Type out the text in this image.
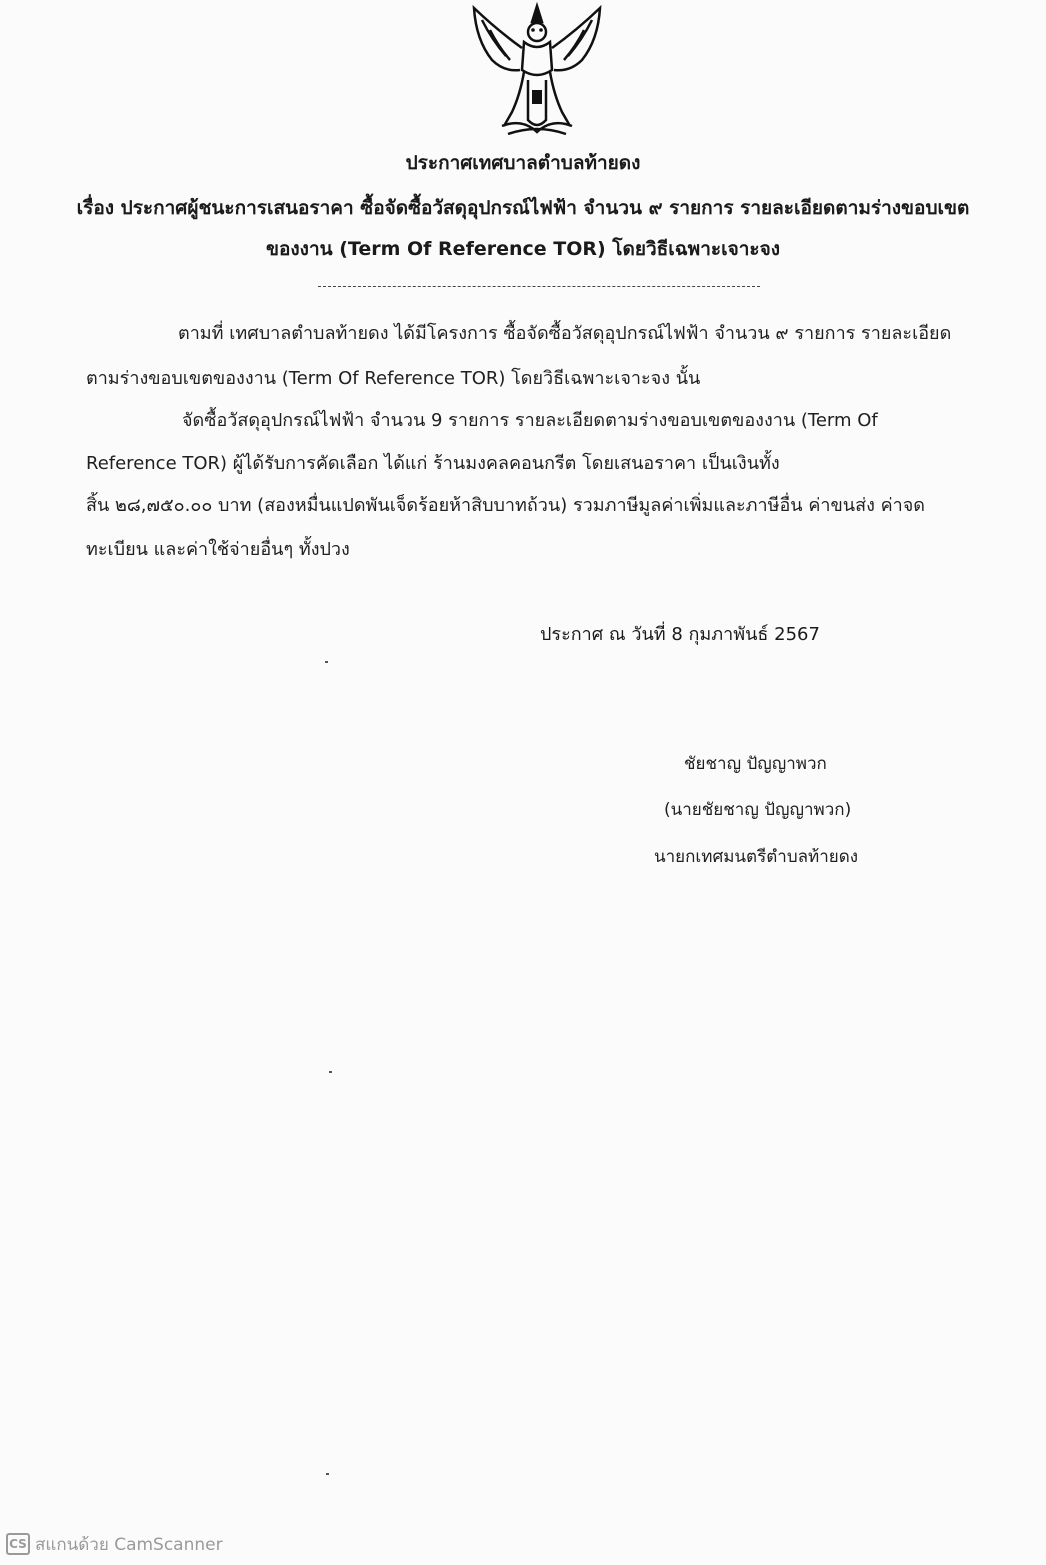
ประกาศเทศบาลตำบลท้ายดง
เรื่อง ประกาศผู้ชนะการเสนอราคา ซื้อจัดซื้อวัสดุอุปกรณ์ไฟฟ้า จำนวน ๙ รายการ รายละเอียดตามร่างขอบเขต
ของงาน (Term Of Reference TOR) โดยวิธีเฉพาะเจาะจง
ตามที่ เทศบาลตำบลท้ายดง ได้มีโครงการ ซื้อจัดซื้อวัสดุอุปกรณ์ไฟฟ้า จำนวน ๙ รายการ รายละเอียด
ตามร่างขอบเขตของงาน (Term Of Reference TOR) โดยวิธีเฉพาะเจาะจง นั้น
จัดซื้อวัสดุอุปกรณ์ไฟฟ้า จำนวน 9 รายการ รายละเอียดตามร่างขอบเขตของงาน (Term Of
Reference TOR) ผู้ได้รับการคัดเลือก ได้แก่ ร้านมงคลคอนกรีต โดยเสนอราคา เป็นเงินทั้ง
สิ้น ๒๘,๗๕๐.๐๐ บาท (สองหมื่นแปดพันเจ็ดร้อยห้าสิบบาทถ้วน) รวมภาษีมูลค่าเพิ่มและภาษีอื่น ค่าขนส่ง ค่าจด
ทะเบียน และค่าใช้จ่ายอื่นๆ ทั้งปวง
ประกาศ ณ วันที่ 8 กุมภาพันธ์ 2567
ชัยชาญ ปัญญาพวก
(นายชัยชาญ ปัญญาพวก)
นายกเทศมนตรีตำบลท้ายดง
CS สแกนด้วย CamScanner
